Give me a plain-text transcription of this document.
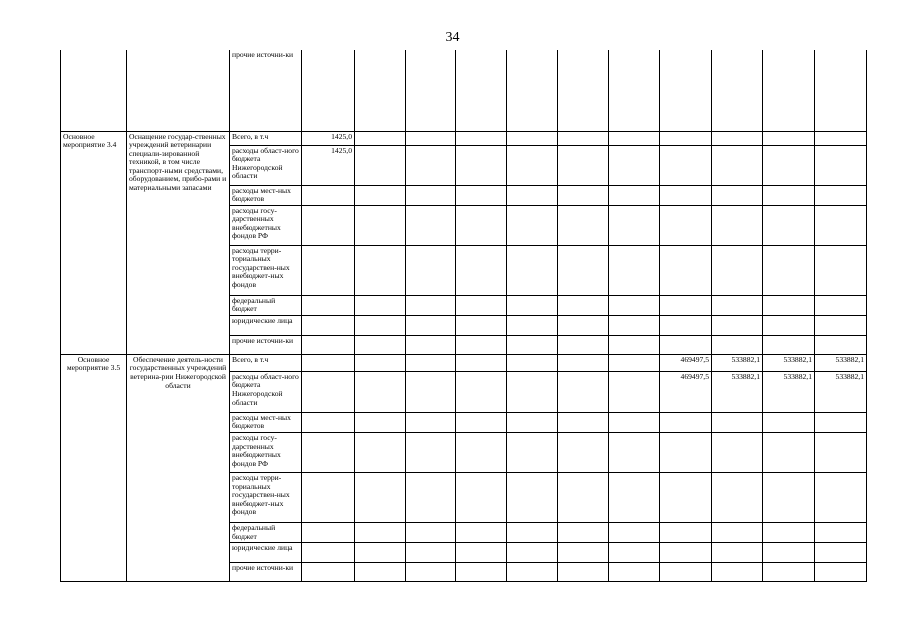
34
		прочие источни-ки											
Основное мероприятие 3.4	Оснащение государ-ственных учреждений ветеринарии специали-зированной техникой, в том числе транспорт-ными средствами, оборудованием, прибо-рами и материальными запасами	Всего, в т.ч	1425,0										
		расходы област-ного бюджета Нижегородской области	1425,0										
		расходы мест-ных бюджетов											
		расходы госу-дарственных внебюджетных фондов РФ											
		расходы терри-ториальных государствен-ных внебюджет-ных фондов											
		федеральный бюджет											
		юридические лица											
		прочие источни-ки											
Основное мероприятие 3.5	Обеспечение деятель-ности государственных учреждений ветерина-рии Нижегородской области	Всего, в т.ч								469497,5	533882,1	533882,1	533882,1
		расходы област-ного бюджета Нижегородской области								469497,5	533882,1	533882,1	533882,1
		расходы мест-ных бюджетов											
		расходы госу-дарственных внебюджетных фондов РФ											
		расходы терри-ториальных государствен-ных внебюджет-ных фондов											
		федеральный бюджет											
		юридические лица											
		прочие источни-ки											
